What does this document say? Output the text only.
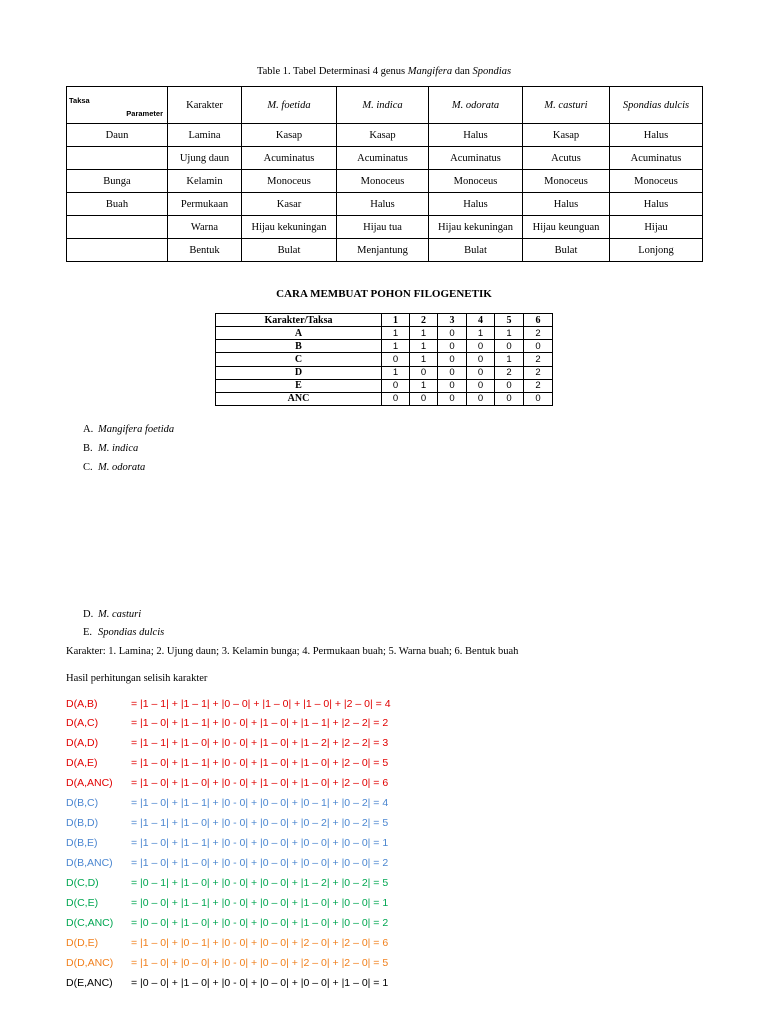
Table 1. Tabel Determinasi 4 genus Mangifera dan Spondias
Taksa
Parameter	Karakter	M. foetida	M. indica	M. odorata	M. casturi	Spondias dulcis
Daun	Lamina	Kasap	Kasap	Halus	Kasap	Halus
	Ujung daun	Acuminatus	Acuminatus	Acuminatus	Acutus	Acuminatus
Bunga	Kelamin	Monoceus	Monoceus	Monoceus	Monoceus	Monoceus
Buah	Permukaan	Kasar	Halus	Halus	Halus	Halus
	Warna	Hijau kekuningan	Hijau tua	Hijau kekuningan	Hijau keunguan	Hijau
	Bentuk	Bulat	Menjantung	Bulat	Bulat	Lonjong
CARA MEMBUAT POHON FILOGENETIK
Karakter/Taksa	1	2	3	4	5	6
A	1	1	0	1	1	2
B	1	1	0	0	0	0
C	0	1	0	0	1	2
D	1	0	0	0	2	2
E	0	1	0	0	0	2
ANC	0	0	0	0	0	0
A. Mangifera foetida
B. M. indica
C. M. odorata
D. M. casturi
E. Spondias dulcis
Karakter: 1. Lamina; 2. Ujung daun; 3. Kelamin bunga; 4. Permukaan buah; 5. Warna buah; 6. Bentuk buah
Hasil perhitungan selisih karakter
D(A,B)	= |1 – 1| + |1 – 1| + |0 – 0| + |1 – 0| + |1 – 0| + |2 – 0| = 4
D(A,C)	= |1 – 0| + |1 – 1| + |0 - 0| + |1 – 0| + |1 – 1| + |2 – 2| = 2
D(A,D)	= |1 – 1| + |1 – 0| + |0 - 0| + |1 – 0| + |1 – 2| + |2 – 2| = 3
D(A,E)	= |1 – 0| + |1 – 1| + |0 - 0| + |1 – 0| + |1 – 0| + |2 – 0| = 5
D(A,ANC) = |1 – 0| + |1 – 0| + |0 - 0| + |1 – 0| + |1 – 0| + |2 – 0| = 6
D(B,C)	= |1 – 0| + |1 – 1| + |0 - 0| + |0 – 0| + |0 – 1| + |0 – 2| = 4
D(B,D)	= |1 – 1| + |1 – 0| + |0 - 0| + |0 – 0| + |0 – 2| + |0 – 2| = 5
D(B,E)	= |1 – 0| + |1 – 1| + |0 - 0| + |0 – 0| + |0 – 0| + |0 – 0| = 1
D(B,ANC) = |1 – 0| + |1 – 0| + |0 - 0| + |0 – 0| + |0 – 0| + |0 – 0| = 2
D(C,D)	= |0 – 1| + |1 – 0| + |0 - 0| + |0 – 0| + |1 – 2| + |0 – 2| = 5
D(C,E)	= |0 – 0| + |1 – 1| + |0 - 0| + |0 – 0| + |1 – 0| + |0 – 0| = 1
D(C,ANC) = |0 – 0| + |1 – 0| + |0 - 0| + |0 – 0| + |1 – 0| + |0 – 0| = 2
D(D,E)	= |1 – 0| + |0 – 1| + |0 - 0| + |0 – 0| + |2 – 0| + |2 – 0| = 6
D(D,ANC) = |1 – 0| + |0 – 0| + |0 - 0| + |0 – 0| + |2 – 0| + |2 – 0| = 5
D(E,ANC) = |0 – 0| + |1 – 0| + |0 - 0| + |0 – 0| + |0 – 0| + |1 – 0| = 1
